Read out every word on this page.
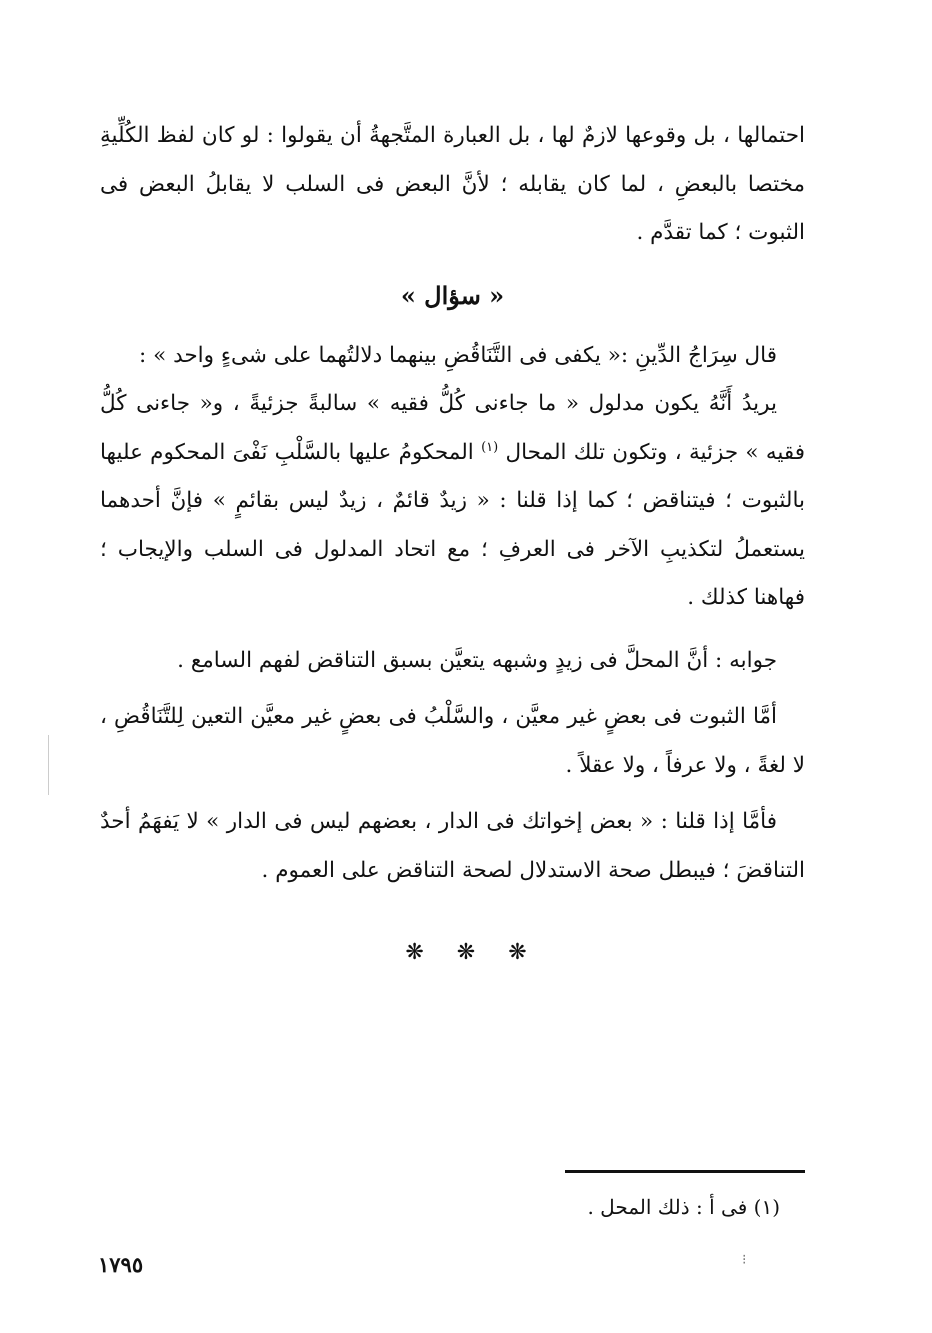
احتمالها ، بل وقوعها لازمٌ لها ، بل العبارة المتَّجهةُ أن يقولوا : لو كان لفظ الكُلِّيةِ مختصا بالبعضِ ، لما كان يقابله ؛ لأنَّ البعض فى السلب لا يقابلُ البعض فى الثبوت ؛ كما تقدَّم .

« سؤال »

قال سِرَاجُ الدِّينِ :« يكفى فى التَّنَاقُضِ بينهما دلالتُهما على شىءٍ واحد » :

يريدُ أَنَّهُ يكون مدلول « ما جاءنى كُلُّ فقيه » سالبةً جزئيةً ، و« جاءنى كُلُّ فقيه » جزئية ، وتكون تلك المحال $^{(١)}$ المحكومُ عليها بالسَّلْبِ نَفْىَ المحكوم عليها بالثبوت ؛ فيتناقض ؛ كما إذا قلنا : « زيدٌ قائمٌ ، زيدٌ ليس بقائمٍ » فإنَّ أحدهما يستعملُ لتكذيبِ الآخر فى العرفِ ؛ مع اتحاد المدلول فى السلب والإيجاب ؛ فهاهنا كذلك .

جوابه : أنَّ المحلَّ فى زيدٍ وشبهه يتعيَّن بسبق التناقض لفهم السامع .

أمَّا الثبوت فى بعضٍ غير معيَّن ، والسَّلْبُ فى بعضٍ غير معيَّن التعين لِلتَّنَاقُضِ ، لا لغةً ، ولا عرفاً ، ولا عقلاً .

فأمَّا إذا قلنا : « بعض إخواتك فى الدار ، بعضهم ليس فى الدار » لا يَفهَمُ أحدٌ التناقضَ ؛ فيبطل صحة الاستدلال لصحة التناقض على العموم .

❋ ❋ ❋
(١) فى أ : ذلك المحل .
١٧٩٥	⁝
